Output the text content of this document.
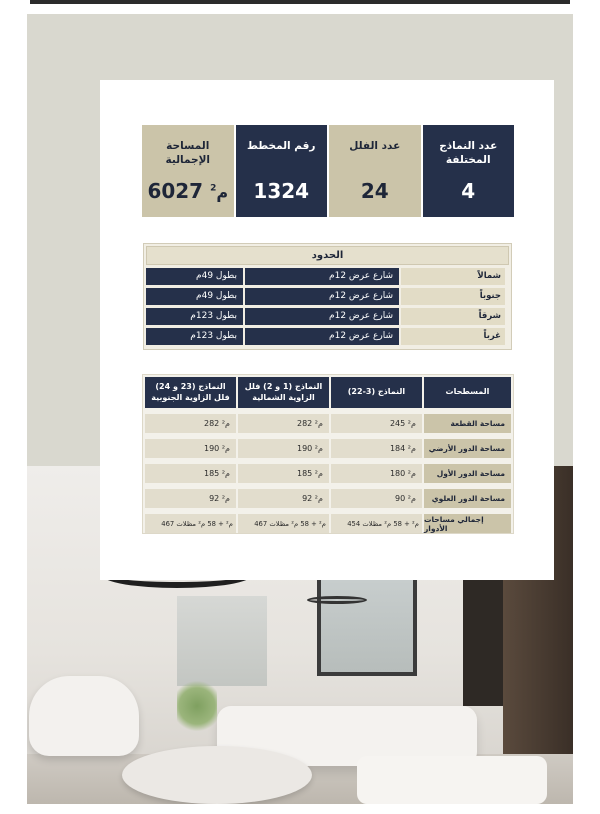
المساحة الإجمالية
م$^2$ 6027
رقم المخطط
1324
عدد الفلل
24
عدد النماذج المختلفة
4
الحدود
شمالاً
شارع عرض 12م
بطول 49م
جنوباً
شارع عرض 12م
بطول 49م
شرقاً
شارع عرض 12م
بطول 123م
غرباً
شارع عرض 12م
بطول 123م
المسطحات
النماذج (3-22)
النماذج (1 و 2) فلل الزاوية الشمالية
النماذج (23 و 24) فلل الزاوية الجنوبية
مساحة القطعة
245 م²
282 م²
282 م²
مساحة الدور الأرضي
184 م²
190 م²
190 م²
مساحة الدور الأول
180 م²
185 م²
185 م²
مساحة الدور العلوي
90 م²
92 م²
92 م²
إجمالي مساحات الأدوار
454 م² + 58 م² مظلات
467 م² + 58 م² مظلات
467 م² + 58 م² مظلات
